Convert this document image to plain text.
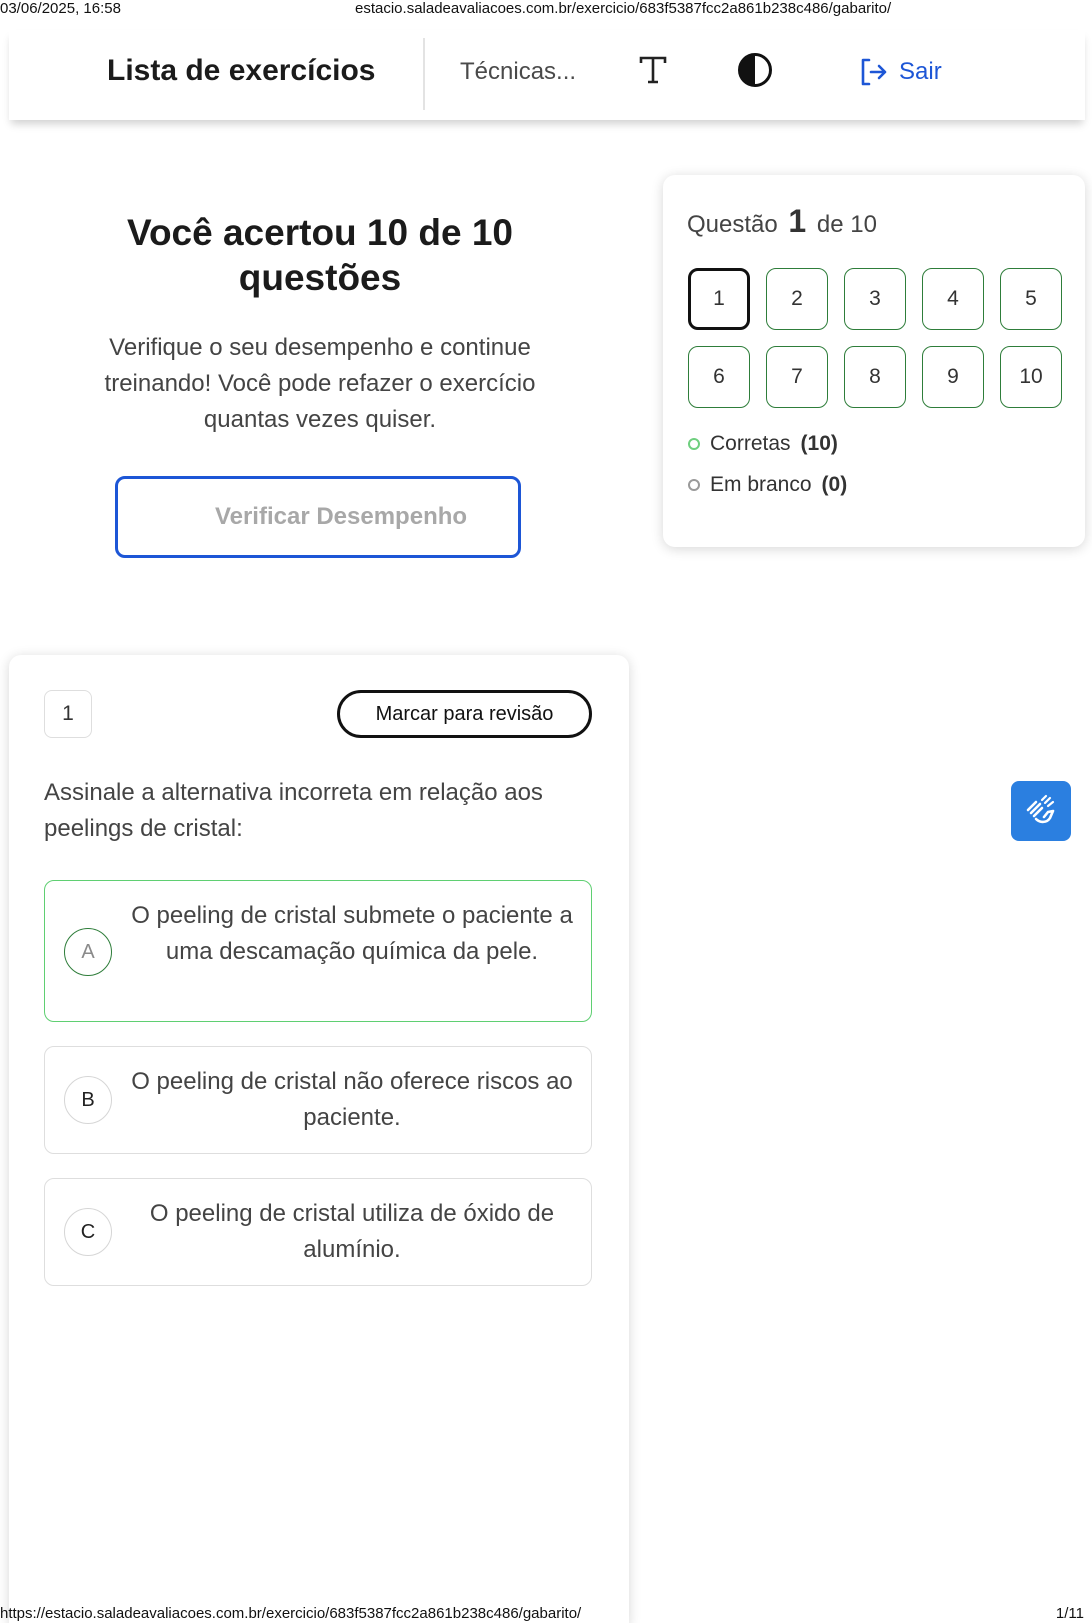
03/06/2025, 16:58	estacio.saladeavaliacoes.com.br/exercicio/683f5387fcc2a861b238c486/gabarito/
Lista de exercícios	Técnicas...	Sair
Você acertou 10 de 10 questões

Verifique o seu desempenho e continue treinando! Você pode refazer o exercício quantas vezes quiser.

Verificar Desempenho
Questão 1 de 10
1	2	3	4	5
6	7	8	9	10
Corretas (10)
Em branco (0)
1	Marcar para revisão

Assinale a alternativa incorreta em relação aos peelings de cristal:

A
O peeling de cristal submete o paciente a uma descamação química da pele.
B
O peeling de cristal não oferece riscos ao paciente.
C
O peeling de cristal utiliza de óxido de alumínio.
https://estacio.saladeavaliacoes.com.br/exercicio/683f5387fcc2a861b238c486/gabarito/	1/11
